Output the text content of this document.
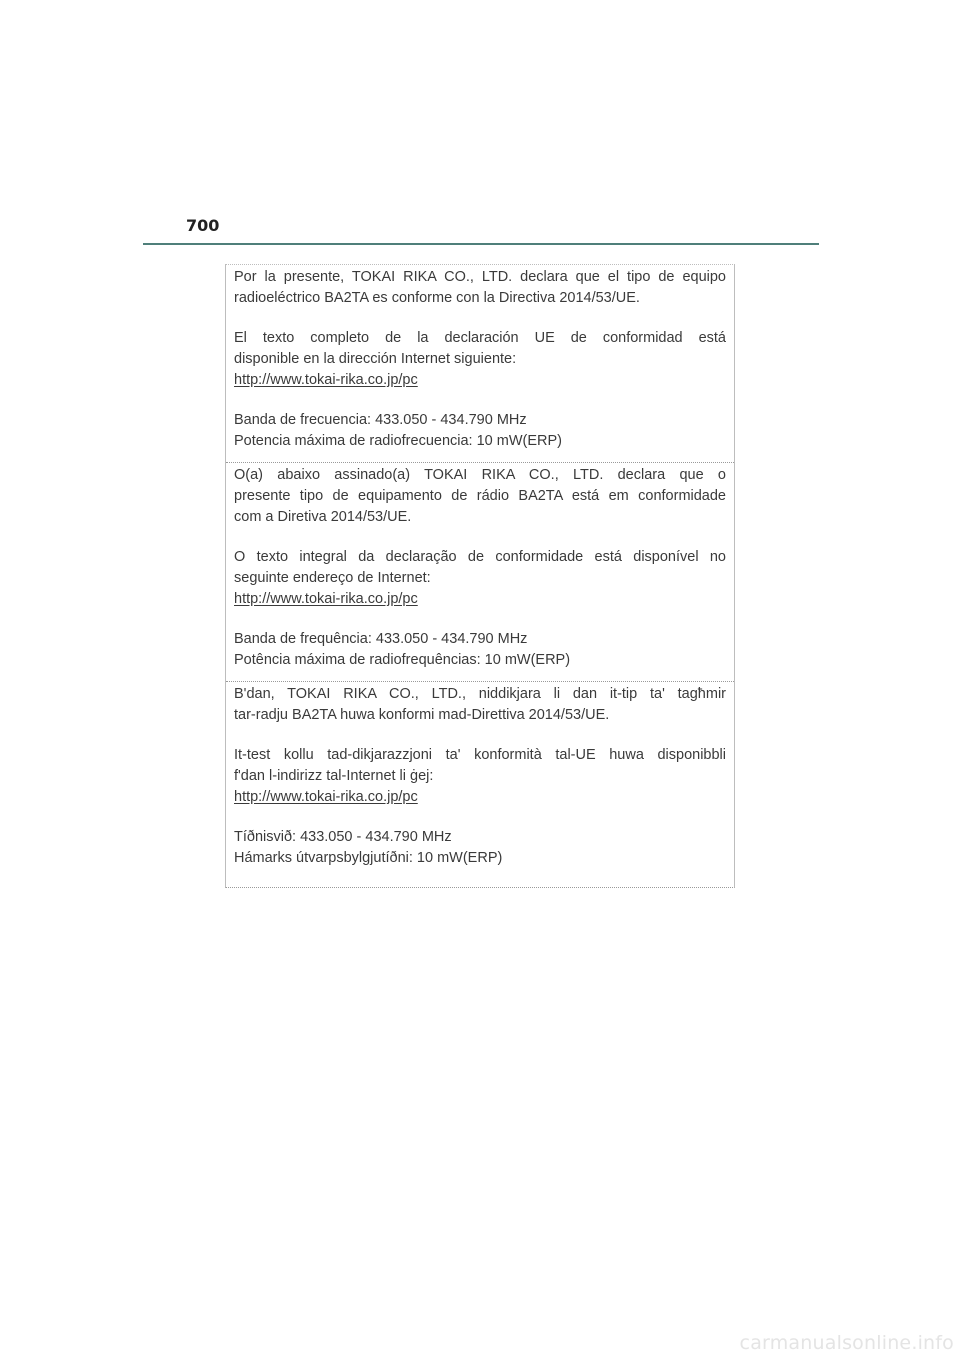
700

Por la presente, TOKAI RIKA CO., LTD. declara que el tipo de equipo

radioeléctrico BA2TA es conforme con la Directiva 2014/53/UE.

El texto completo de la declaración UE de conformidad está

disponible en la dirección Internet siguiente:

http://www.tokai-rika.co.jp/pc

Banda de frecuencia: 433.050 - 434.790 MHz

Potencia máxima de radiofrecuencia: 10 mW(ERP)

O(a) abaixo assinado(a) TOKAI RIKA CO., LTD. declara que o

presente tipo de equipamento de rádio BA2TA está em conformidade

com a Diretiva 2014/53/UE.

O texto integral da declaração de conformidade está disponível no

seguinte endereço de Internet:

http://www.tokai-rika.co.jp/pc

Banda de frequência: 433.050 - 434.790 MHz

Potência máxima de radiofrequências: 10 mW(ERP)

B'dan, TOKAI RIKA CO., LTD., niddikjara li dan it-tip ta' tagħmir

tar-radju BA2TA huwa konformi mad-Direttiva 2014/53/UE.

It-test kollu tad-dikjarazzjoni ta' konformità tal-UE huwa disponibbli

f'dan l-indirizz tal-Internet li ġej:

http://www.tokai-rika.co.jp/pc

Tíðnisvið: 433.050 - 434.790 MHz

Hámarks útvarpsbylgjutíðni: 10 mW(ERP)

carmanualsonline.info
